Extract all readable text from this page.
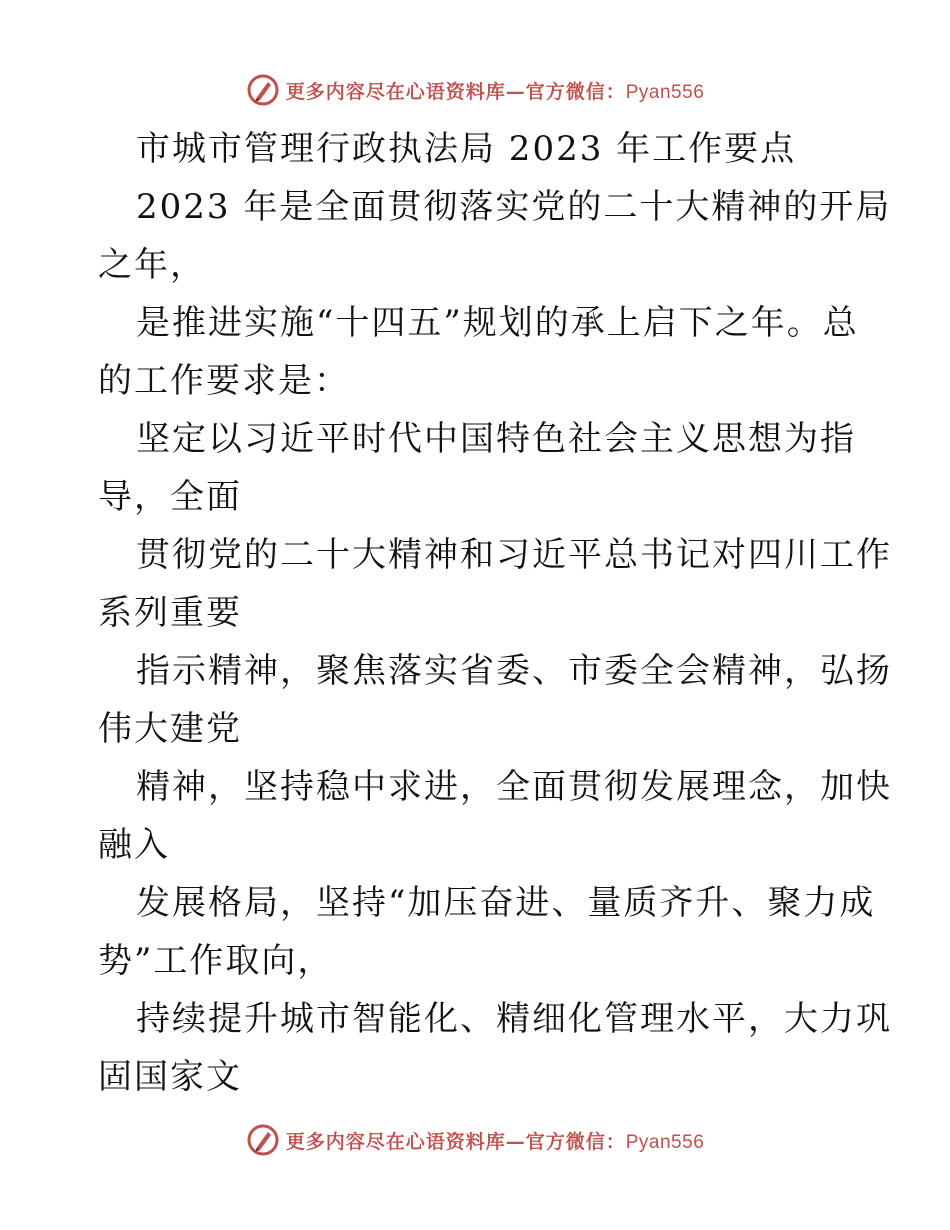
更多内容尽在心语资料库—官方微信：Pyan556
市城市管理行政执法局 2023 年工作要点
2023 年是全面贯彻落实党的二十大精神的开局
之年，
是推进实施“十四五”规划的承上启下之年。总
的工作要求是：
坚定以习近平时代中国特色社会主义思想为指
导，全面
贯彻党的二十大精神和习近平总书记对四川工作
系列重要
指示精神，聚焦落实省委、市委全会精神，弘扬
伟大建党
精神，坚持稳中求进，全面贯彻发展理念，加快
融入
发展格局，坚持“加压奋进、量质齐升、聚力成
势”工作取向，
持续提升城市智能化、精细化管理水平，大力巩
固国家文
更多内容尽在心语资料库—官方微信：Pyan556
